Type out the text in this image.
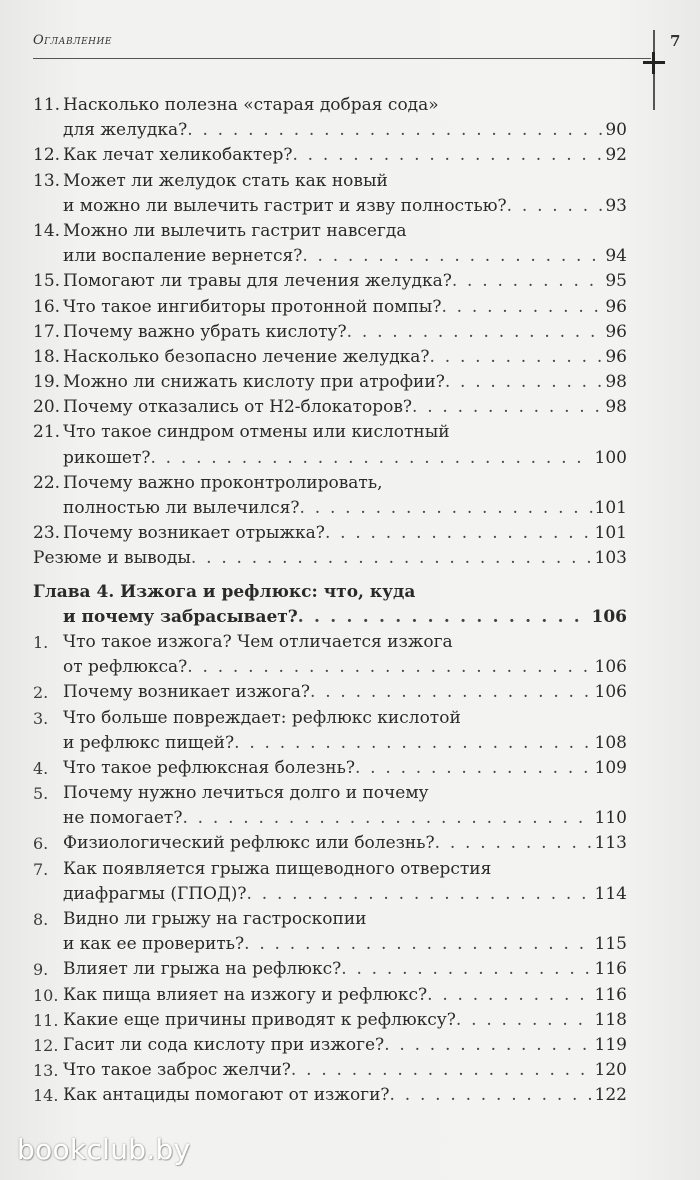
Оглавление	7
11. Насколько полезна «старая добрая сода»
для желудка? . . .	90
12. Как лечат хеликобактер? . . .	92
13. Может ли желудок стать как новый
и можно ли вылечить гастрит и язву полностью? . . .	93
14. Можно ли вылечить гастрит навсегда
или воспаление вернется? . . .	94
15. Помогают ли травы для лечения желудка? . . .	95
16. Что такое ингибиторы протонной помпы? . . .	96
17. Почему важно убрать кислоту? . . .	96
18. Насколько безопасно лечение желудка? . . .	96
19. Можно ли снижать кислоту при атрофии? . . .	98
20. Почему отказались от Н2-блокаторов? . . .	98
21. Что такое синдром отмены или кислотный
рикошет? . . .	100
22. Почему важно проконтролировать,
полностью ли вылечился? . . .	101
23. Почему возникает отрыжка? . . .	101
Резюме и выводы . . .	103
Глава 4. Изжога и рефлюкс: что, куда
и почему забрасывает? . . .	106
1. Что такое изжога? Чем отличается изжога
от рефлюкса? . . .	106
2. Почему возникает изжога? . . .	106
3. Что больше повреждает: рефлюкс кислотой
и рефлюкс пищей? . . .	108
4. Что такое рефлюксная болезнь? . . .	109
5. Почему нужно лечиться долго и почему
не помогает? . . .	110
6. Физиологический рефлюкс или болезнь? . . .	113
7. Как появляется грыжа пищеводного отверстия
диафрагмы (ГПОД)? . . .	114
8. Видно ли грыжу на гастроскопии
и как ее проверить? . . .	115
9. Влияет ли грыжа на рефлюкс? . . .	116
10. Как пища влияет на изжогу и рефлюкс? . . .	116
11. Какие еще причины приводят к рефлюксу? . . .	118
12. Гасит ли сода кислоту при изжоге? . . .	119
13. Что такое заброс желчи? . . .	120
14. Как антациды помогают от изжоги? . . .	122
bookclub.by
